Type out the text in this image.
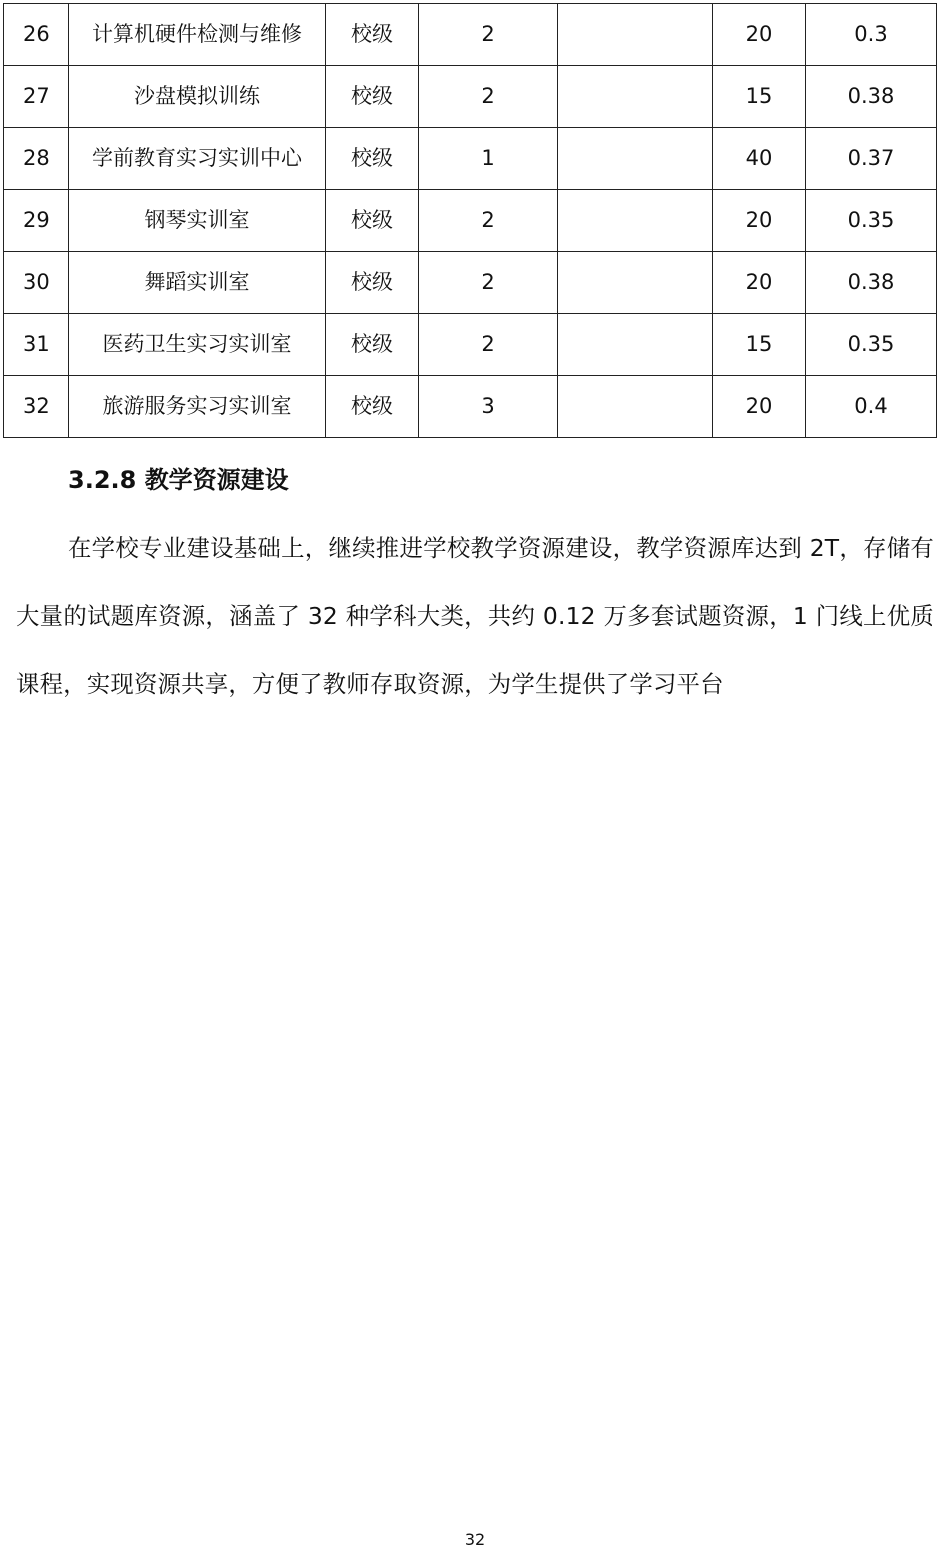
26	计算机硬件检测与维修	校级	2		20	0.3
27	沙盘模拟训练	校级	2		15	0.38
28	学前教育实习实训中心	校级	1		40	0.37
29	钢琴实训室	校级	2		20	0.35
30	舞蹈实训室	校级	2		20	0.38
31	医药卫生实习实训室	校级	2		15	0.35
32	旅游服务实习实训室	校级	3		20	0.4
3.2.8 教学资源建设

在学校专业建设基础上，继续推进学校教学资源建设，教学资源库达到 2T，存储有大量的试题库资源，涵盖了 32 种学科大类，共约 0.12 万多套试题资源，1 门线上优质课程，实现资源共享，方便了教师存取资源，为学生提供了学习平台

32
